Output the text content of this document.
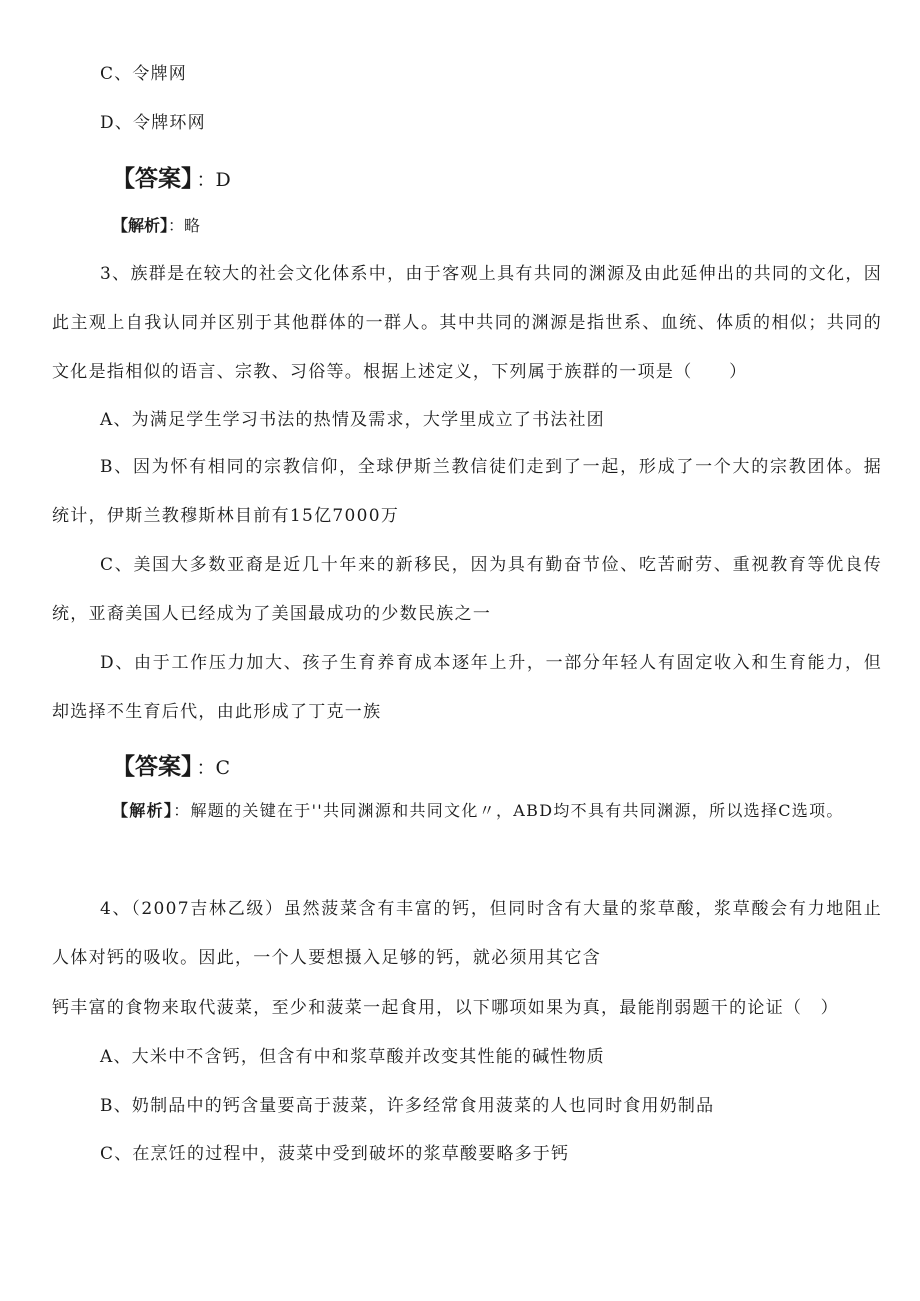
C、令牌网
D、令牌环网
【答案】 ：D
【解析】：略
3、族群是在较大的社会文化体系中，由于客观上具有共同的渊源及由此延伸出的共同的文化，因此主观上自我认同并区别于其他群体的一群人。其中共同的渊源是指世系、血统、体质的相似；共同的文化是指相似的语言、宗教、习俗等。根据上述定义，下列属于族群的一项是（　　）
A、为满足学生学习书法的热情及需求，大学里成立了书法社团
B、因为怀有相同的宗教信仰，全球伊斯兰教信徒们走到了一起，形成了一个大的宗教团体。据统计，伊斯兰教穆斯林目前有15亿7000万
C、美国大多数亚裔是近几十年来的新移民，因为具有勤奋节俭、吃苦耐劳、重视教育等优良传统，亚裔美国人已经成为了美国最成功的少数民族之一
D、由于工作压力加大、孩子生育养育成本逐年上升，一部分年轻人有固定收入和生育能力，但却选择不生育后代，由此形成了丁克一族
【答案】 ：C
【解析】：解题的关键在于''共同渊源和共同文化〃，ABD均不具有共同渊源，所以选择C选项。
4、（2007吉林乙级）虽然菠菜含有丰富的钙，但同时含有大量的浆草酸，浆草酸会有力地阻止人体对钙的吸收。因此，一个人要想摄入足够的钙，就必须用其它含
钙丰富的食物来取代菠菜，至少和菠菜一起食用，以下哪项如果为真，最能削弱题干的论证（　）
A、大米中不含钙，但含有中和浆草酸并改变其性能的碱性物质
B、奶制品中的钙含量要高于菠菜，许多经常食用菠菜的人也同时食用奶制品
C、在烹饪的过程中，菠菜中受到破坏的浆草酸要略多于钙
